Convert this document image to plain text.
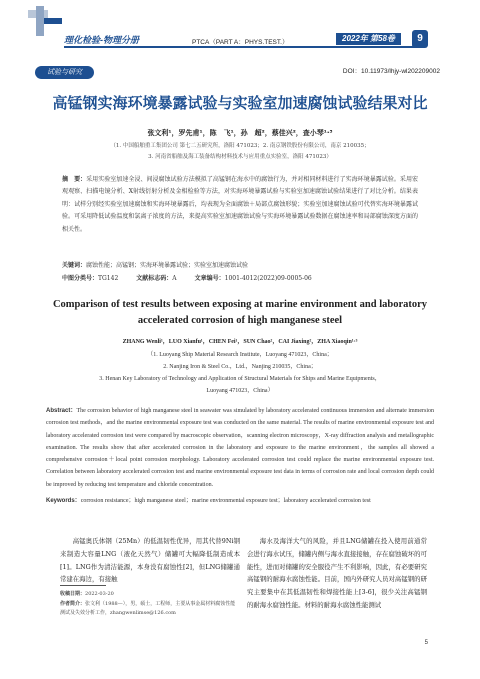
理化检验-物理分册	PTCA（PART A：PHYS.TEST.）	2022年 第58卷	9
试验与研究	DOI：10.11973/lhjy-wl202209002
高锰钢实海环境暴露试验与实验室加速腐蚀试验结果对比
张文利¹，罗先甫¹，陈　飞¹，孙　超²，蔡佳兴²，查小琴¹·³
（1. 中国船舶重工集团公司 第七二五研究所，洛阳 471023；2. 南京钢铁股份有限公司，南京 210035；
3. 河南省船舶及海工装备结构材料技术与应用重点实验室，洛阳 471023）
摘　要：采用实验室加速全浸、间浸腐蚀试验方法模拟了高锰钢在海水中的腐蚀行为，并对相同材料进行了实海环境暴露试验。采用宏观观察、扫描电镜分析、X射线衍射分析及金相检验等方法，对实海环境暴露试验与实验室加速腐蚀试验结果进行了对比分析。结果表明：试样分别经实验室加速腐蚀和实海环境暴露后，均表现为全面腐蚀＋局部点腐蚀形貌；实验室加速腐蚀试验可代替实海环境暴露试验。可采用降低试验温度和氯离子浓度的方法，来提高实验室加速腐蚀试验与实海环境暴露试验数据在腐蚀速率和局部腐蚀深度方面的相关性。
关键词：腐蚀性能；高锰钢；实海环境暴露试验；实验室加速腐蚀试验
中图分类号：TG142	文献标志码：A	文章编号：1001-4012(2022)09-0005-06
Comparison of test results between exposing at marine environment and laboratory accelerated corrosion of high manganese steel
ZHANG Wenli¹，LUO Xianfu¹，CHEN Fei¹，SUN Chao²，CAI Jiaxing²，ZHA Xiaoqin¹·³
（1. Luoyang Ship Material Research Institute，Luoyang 471023，China；
2. Nanjing Iron & Steel Co.，Ltd.，Nanjing 210035，China；
3. Henan Key Laboratory of Technology and Application of Structural Materials for Ships and Marine Equipments，
Luoyang 471023，China）
Abstract：The corrosion behavior of high manganese steel in seawater was simulated by laboratory accelerated continuous immersion and alternate immersion corrosion test methods，and the marine environmental exposure test was conducted on the same material. The results of marine environmental exposure test and laboratory accelerated corrosion test were compared by macroscopic observation，scanning electron microscopy，X-ray diffraction analysis and metallographic examination. The results show that after accelerated corrosion in the laboratory and exposure to the marine environment，the samples all showed a comprehensive corrosion＋local point corrosion morphology. Laboratory accelerated corrosion test could replace the marine environmental exposure test. Correlation between laboratory accelerated corrosion test and marine environmental exposure test data in terms of corrosion rate and local corrosion depth could be improved by reducing test temperature and chloride concentration.
Keywords：corrosion resistance；high manganese steel；marine environmental exposure test；laboratory accelerated corrosion test
高锰奥氏体钢（25Mn）的低温韧性优异，用其代替9Ni钢来制造大容量LNG（液化天然气）储罐可大幅降低制造成本[1]。LNG作为清洁能源，本身没有腐蚀性[2]，但LNG储罐通常建在海边，有接触
海水及海洋大气的风险，并且LNG储罐在投入使用前通常会进行海水试压，储罐内侧与海水直接接触，存在腐蚀破坏的可能性，进而对储罐的安全服役产生不利影响，因此，有必要研究高锰钢的耐海水腐蚀性能。目前，国内外研究人员对高锰钢的研究主要集中在其低温韧性和焊接性能上[3-6]，很少关注高锰钢的耐海水腐蚀性能。材料的耐海水腐蚀性能测试
收稿日期：2022-03-20
作者简介：张文利（1988—），男，硕士，工程师，主要从事金属材料腐蚀性能测试及失效分析工作，zhangwenlimse@126.com
5
